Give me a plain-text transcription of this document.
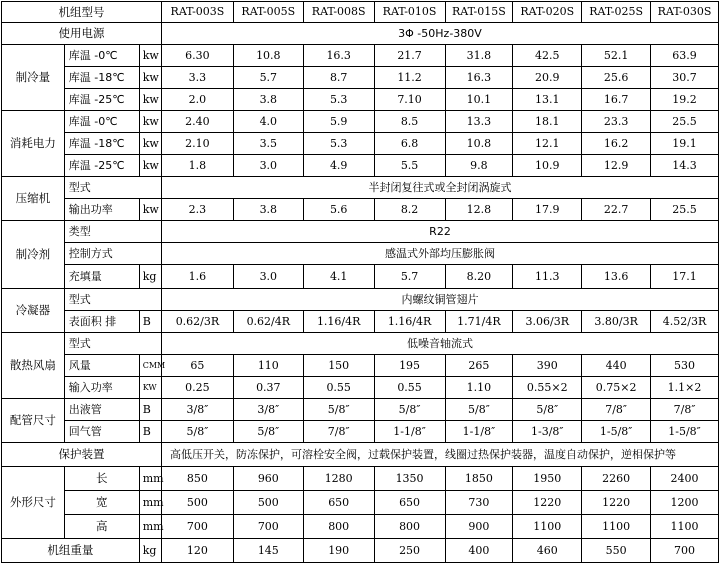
机组型号			RAT-003S	RAT-005S	RAT-008S	RAT-010S	RAT-015S	RAT-020S	RAT-025S	RAT-030S
使用电源			3Φ -50Hz-380V							
制冷量	库温 -0℃	kw	6.30	10.8	16.3	21.7	31.8	42.5	52.1	63.9
	库温 -18℃	kw	3.3	5.7	8.7	11.2	16.3	20.9	25.6	30.7
	库温 -25℃	kw	2.0	3.8	5.3	7.10	10.1	13.1	16.7	19.2
消耗电力	库温 -0℃	kw	2.40	4.0	5.9	8.5	13.3	18.1	23.3	25.5
	库温 -18℃	kw	2.10	3.5	5.3	6.8	10.8	12.1	16.2	19.1
	库温 -25℃	kw	1.8	3.0	4.9	5.5	9.8	10.9	12.9	14.3
压缩机	型式		半封闭复往式或全封闭涡旋式							
	输出功率	kw	2.3	3.8	5.6	8.2	12.8	17.9	22.7	25.5
制冷剂	类型		R22							
	控制方式		感温式外部均压膨胀阀							
	充填量	kg	1.6	3.0	4.1	5.7	8.20	11.3	13.6	17.1
冷凝器	型式		内螺纹铜管翅片							
	表面积 排	B	0.62/3R	0.62/4R	1.16/4R	1.16/4R	1.71/4R	3.06/3R	3.80/3R	4.52/3R
散热风扇	型式		低噪音轴流式							
	风量	CMM	65	110	150	195	265	390	440	530
	输入功率	KW	0.25	0.37	0.55	0.55	1.10	0.55×2	0.75×2	1.1×2
配管尺寸	出液管	B	3/8″	3/8″	5/8″	5/8″	5/8″	5/8″	7/8″	7/8″
	回气管	B	5/8″	5/8″	7/8″	1-1/8″	1-1/8″	1-3/8″	1-5/8″	1-5/8″
保护装置			高低压开关，防冻保护，可溶栓安全阀，过载保护装置，线圈过热保护装器，温度自动保护，逆相保护等							
外形尺寸	长	mm	850	960	1280	1350	1850	1950	2260	2400
	宽	mm	500	500	650	650	730	1220	1220	1200
	高	mm	700	700	800	800	900	1100	1100	1100
机组重量		kg	120	145	190	250	400	460	550	700
